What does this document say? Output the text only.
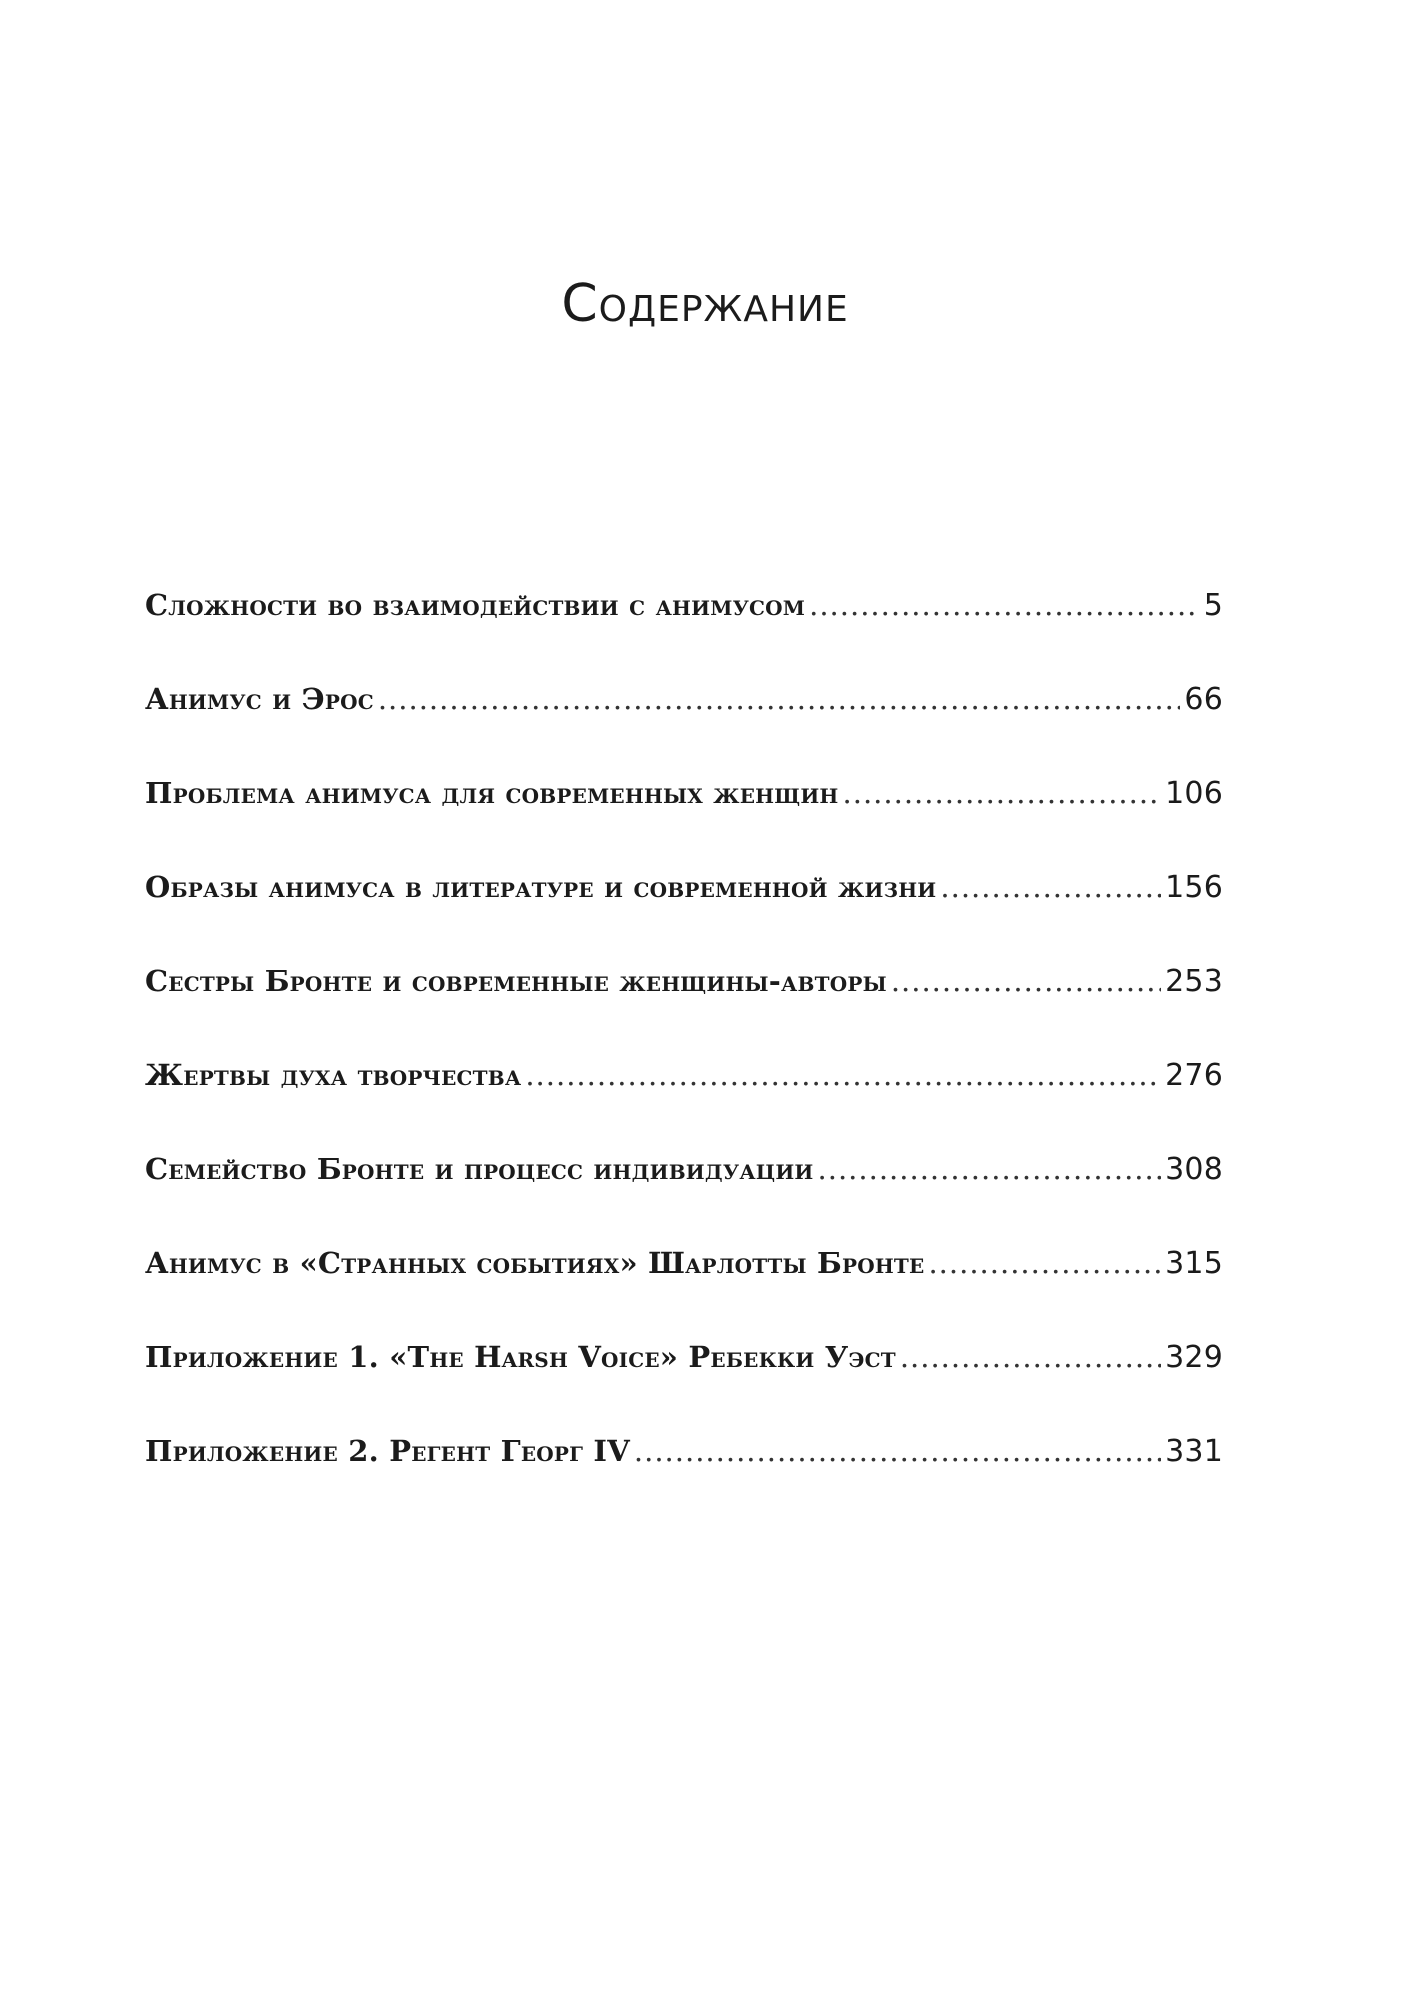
Содержание
Сложности во взаимодействии с анимусом .....	5
Анимус и Эрос .....	66
Проблема анимуса для современных женщин .....	106
Образы анимуса в литературе и современной жизни .....	156
Сестры Бронте и современные женщины-авторы .....	253
Жертвы духа творчества .....	276
Семейство Бронте и процесс индивидуации .....	308
Анимус в «Странных событиях» Шарлотты Бронте .....	315
Приложение 1. «The Harsh Voice» Ребекки Уэст .....	329
Приложение 2. Регент Георг IV .....	331
